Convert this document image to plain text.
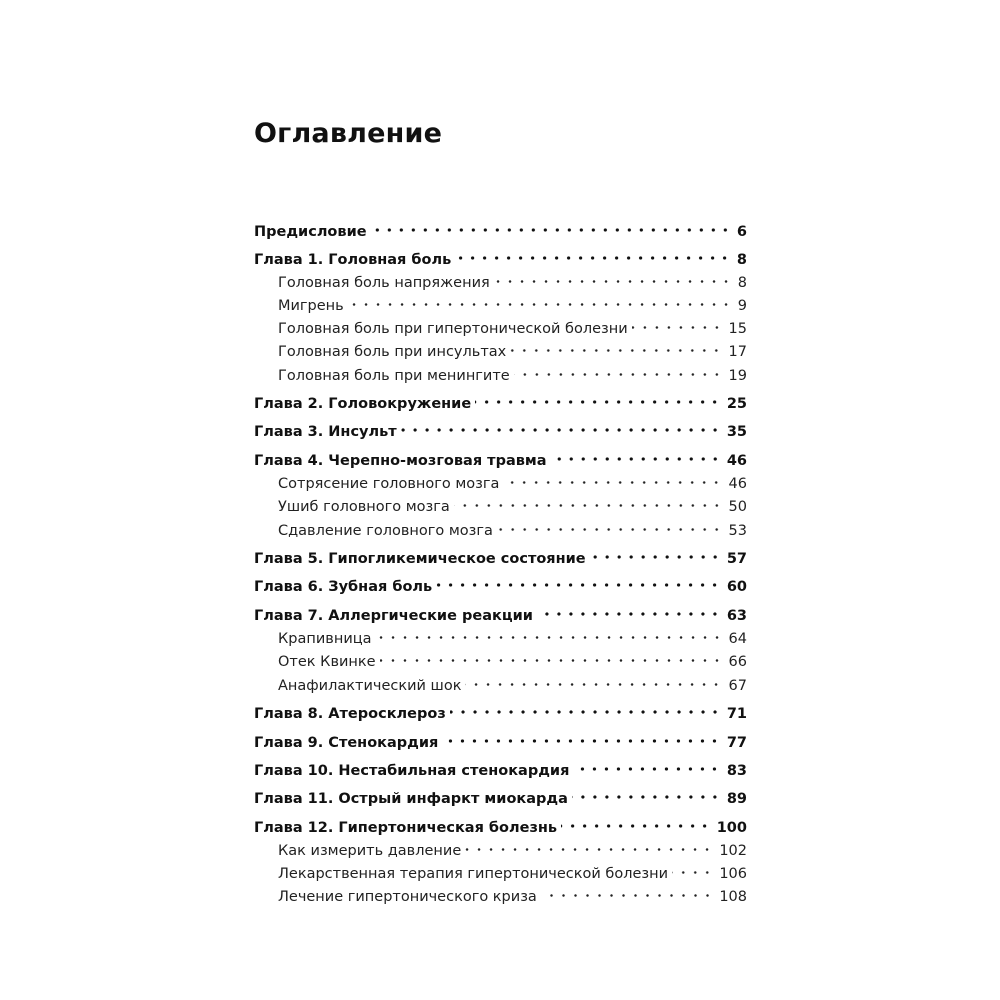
Оглавление
Предисловие	6
Глава 1. Головная боль	8
Головная боль напряжения	8
Мигрень	9
Головная боль при гипертонической болезни	15
Головная боль при инсультах	17
Головная боль при менингите	19
Глава 2. Головокружение	25
Глава 3. Инсульт	35
Глава 4. Черепно-мозговая травма	46
Сотрясение головного мозга	46
Ушиб головного мозга	50
Сдавление головного мозга	53
Глава 5. Гипогликемическое состояние	57
Глава 6. Зубная боль	60
Глава 7. Аллергические реакции	63
Крапивница	64
Отек Квинке	66
Анафилактический шок	67
Глава 8. Атеросклероз	71
Глава 9. Стенокардия	77
Глава 10. Нестабильная стенокардия	83
Глава 11. Острый инфаркт миокарда	89
Глава 12. Гипертоническая болезнь	100
Как измерить давление	102
Лекарственная терапия гипертонической болезни	106
Лечение гипертонического криза	108
